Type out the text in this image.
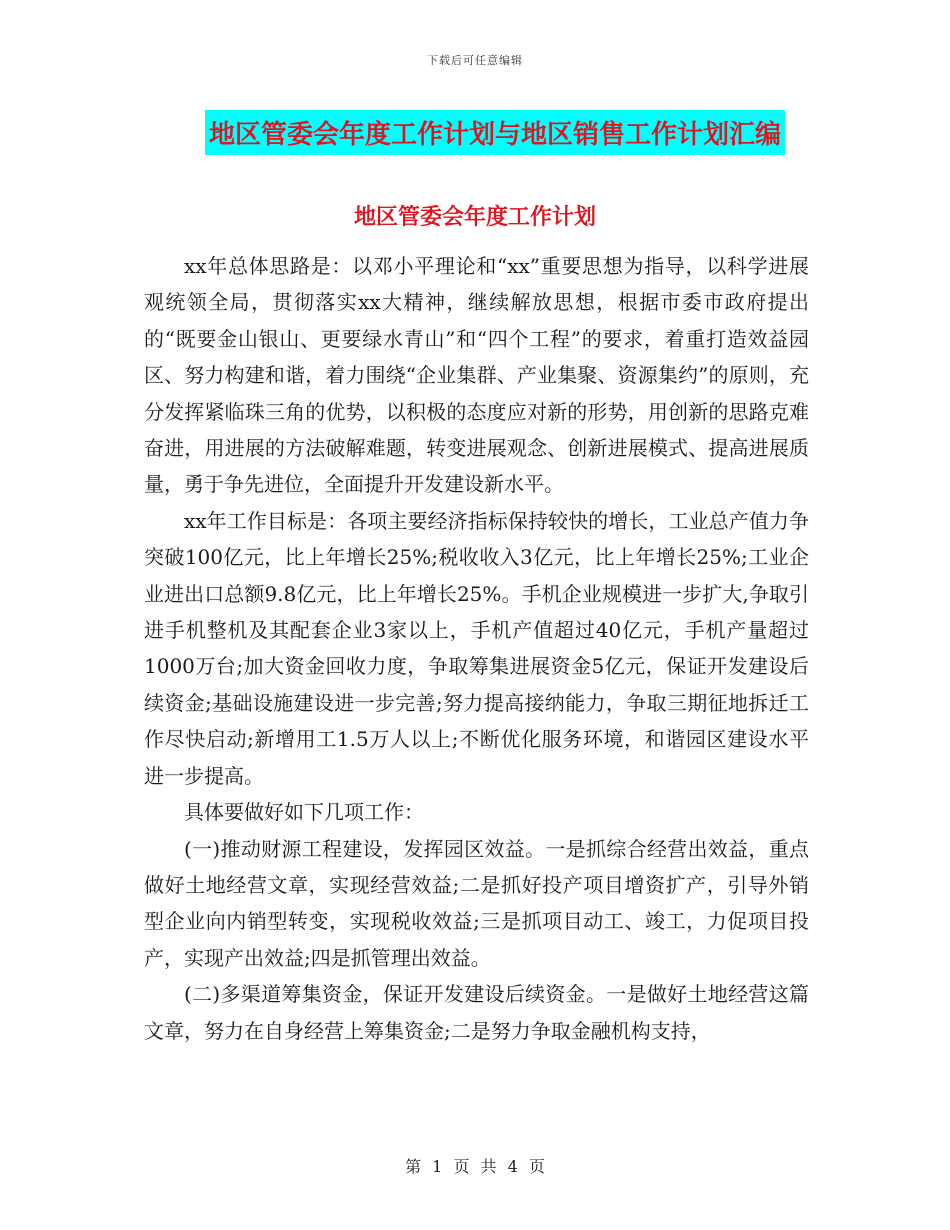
下载后可任意编辑
地区管委会年度工作计划与地区销售工作计划汇编
地区管委会年度工作计划

xx年总体思路是：以邓小平理论和“xx”重要思想为指导，以科学进展观统领全局，贯彻落实xx大精神，继续解放思想，根据市委市政府提出的“既要金山银山、更要绿水青山”和“四个工程”的要求，着重打造效益园区、努力构建和谐，着力围绕“企业集群、产业集聚、资源集约”的原则，充分发挥紧临珠三角的优势，以积极的态度应对新的形势，用创新的思路克难奋进，用进展的方法破解难题，转变进展观念、创新进展模式、提高进展质量，勇于争先进位，全面提升开发建设新水平。

xx年工作目标是：各项主要经济指标保持较快的增长，工业总产值力争突破100亿元，比上年增长25%;税收收入3亿元，比上年增长25%;工业企业进出口总额9.8亿元，比上年增长25%。手机企业规模进一步扩大,争取引进手机整机及其配套企业3家以上，手机产值超过40亿元，手机产量超过1000万台;加大资金回收力度，争取筹集进展资金5亿元，保证开发建设后续资金;基础设施建设进一步完善;努力提高接纳能力，争取三期征地拆迁工作尽快启动;新增用工1.5万人以上;不断优化服务环境，和谐园区建设水平进一步提高。

具体要做好如下几项工作：

(一)推动财源工程建设，发挥园区效益。一是抓综合经营出效益，重点做好土地经营文章，实现经营效益;二是抓好投产项目增资扩产，引导外销型企业向内销型转变，实现税收效益;三是抓项目动工、竣工，力促项目投产，实现产出效益;四是抓管理出效益。

(二)多渠道筹集资金，保证开发建设后续资金。一是做好土地经营这篇文章，努力在自身经营上筹集资金;二是努力争取金融机构支持，

第 1 页 共 4 页
